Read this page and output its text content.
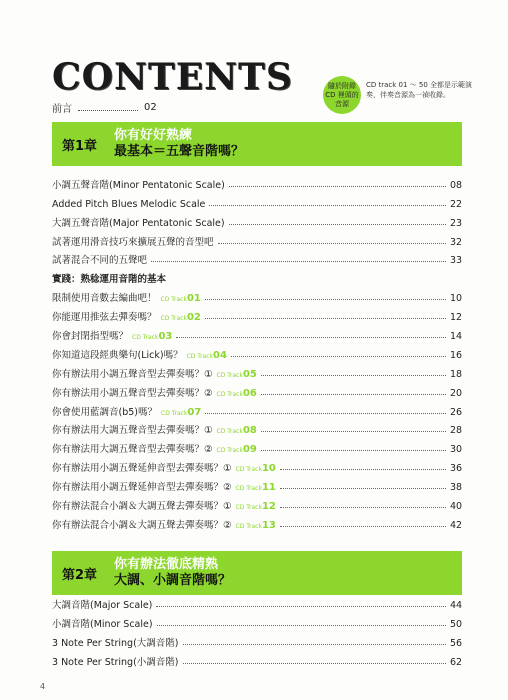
CONTENTS
前言	02
隨於附錄 CD 裡頭的音源
CD track 01 ～ 50 全都是示範演奏，伴奏音源為一禎收錄。
第1章
你有好好熟練
最基本＝五聲音階嗎？
小調五聲音階(Minor Pentatonic Scale)	08
Added Pitch Blues Melodic Scale	22
大調五聲音階(Major Pentatonic Scale)	23
試著運用滑音技巧來擴展五聲的音型吧	32
試著混合不同的五聲吧	33
實踐：熟稔運用音階的基本
限制使用音數去編曲吧！ CD Track01	10
你能運用推弦去彈奏嗎？ CD Track02	12
你會封閉指型嗎？ CD Track03	14
你知道這段經典樂句(Lick)嗎？ CD Track04	16
你有辦法用小調五聲音型去彈奏嗎？① CD Track05	18
你有辦法用小調五聲音型去彈奏嗎？② CD Track06	20
你會使用藍調音(b5)嗎？ CD Track07	26
你有辦法用大調五聲音型去彈奏嗎？① CD Track08	28
你有辦法用大調五聲音型去彈奏嗎？② CD Track09	30
你有辦法用小調五聲延伸音型去彈奏嗎？① CD Track10	36
你有辦法用小調五聲延伸音型去彈奏嗎？② CD Track11	38
你有辦法混合小調＆大調五聲去彈奏嗎？① CD Track12	40
你有辦法混合小調＆大調五聲去彈奏嗎？② CD Track13	42
第2章
你有辦法徹底精熟
大調、小調音階嗎？
大調音階(Major Scale)	44
小調音階(Minor Scale)	50
3 Note Per String(大調音階)	56
3 Note Per String(小調音階)	62
4
